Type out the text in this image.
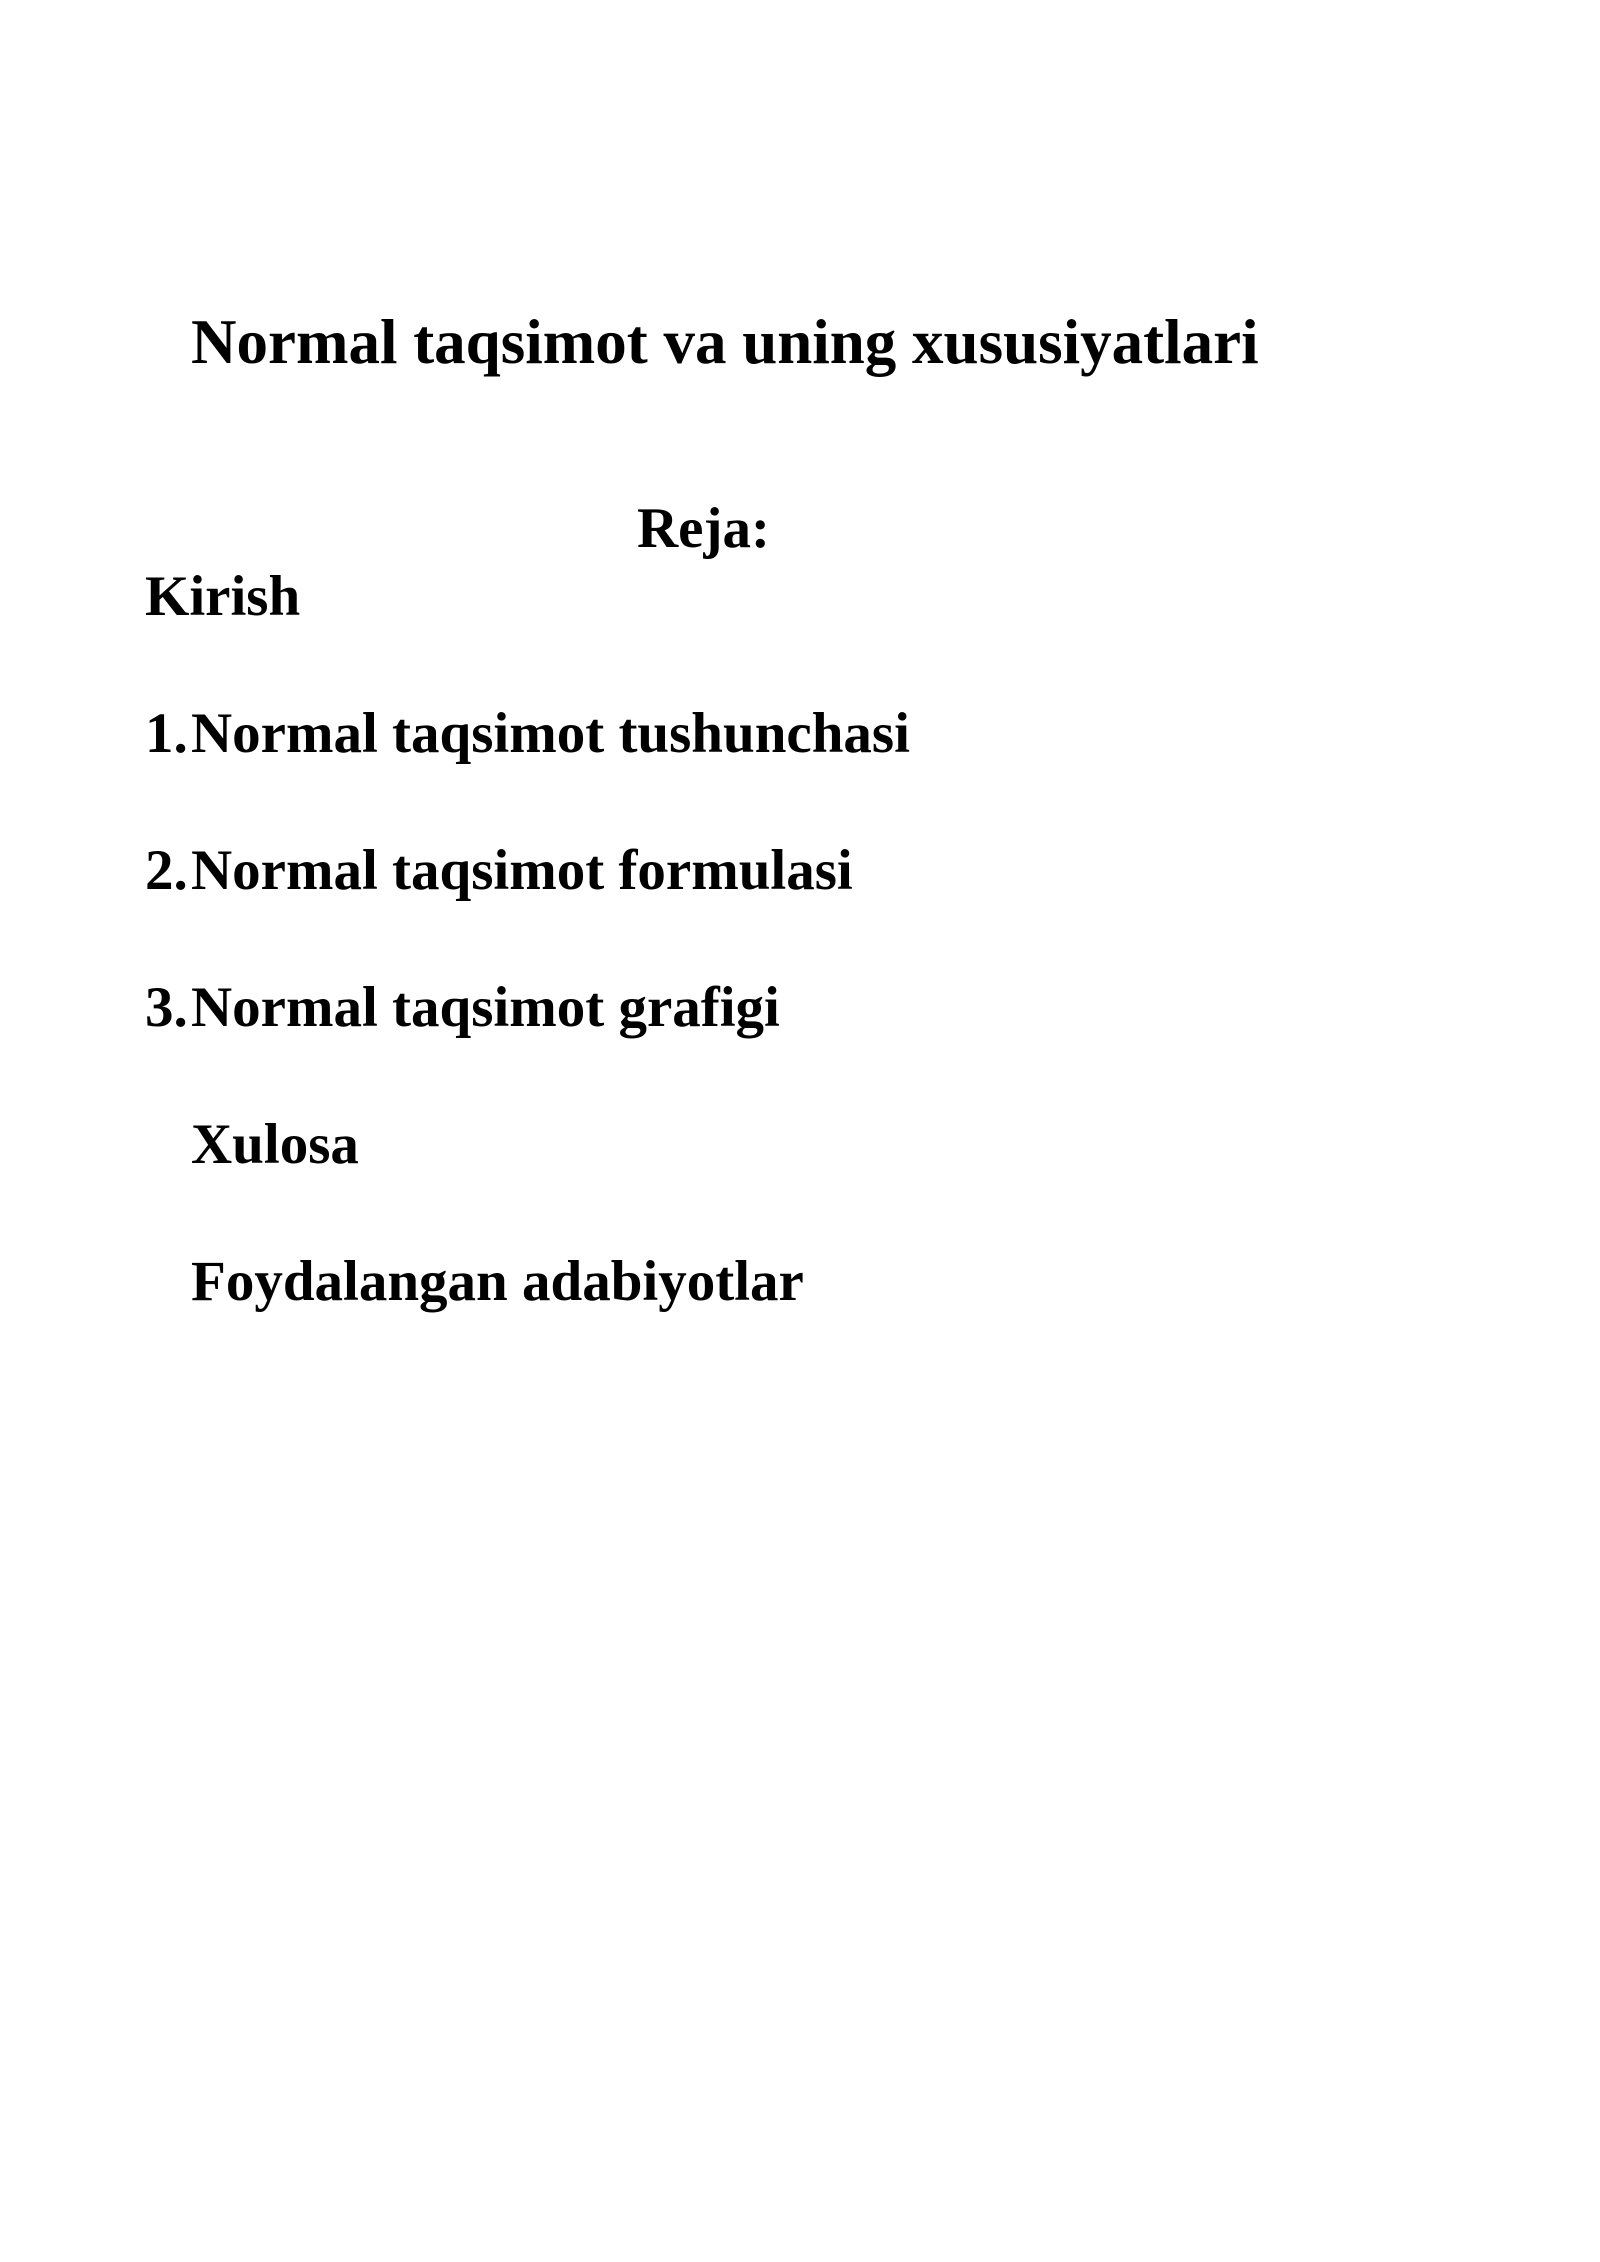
Normal taqsimot va uning xususiyatlari
Reja:
Kirish
1.Normal taqsimot tushunchasi
2.Normal taqsimot formulasi
3.Normal taqsimot grafigi
Xulosa
Foydalangan adabiyotlar
